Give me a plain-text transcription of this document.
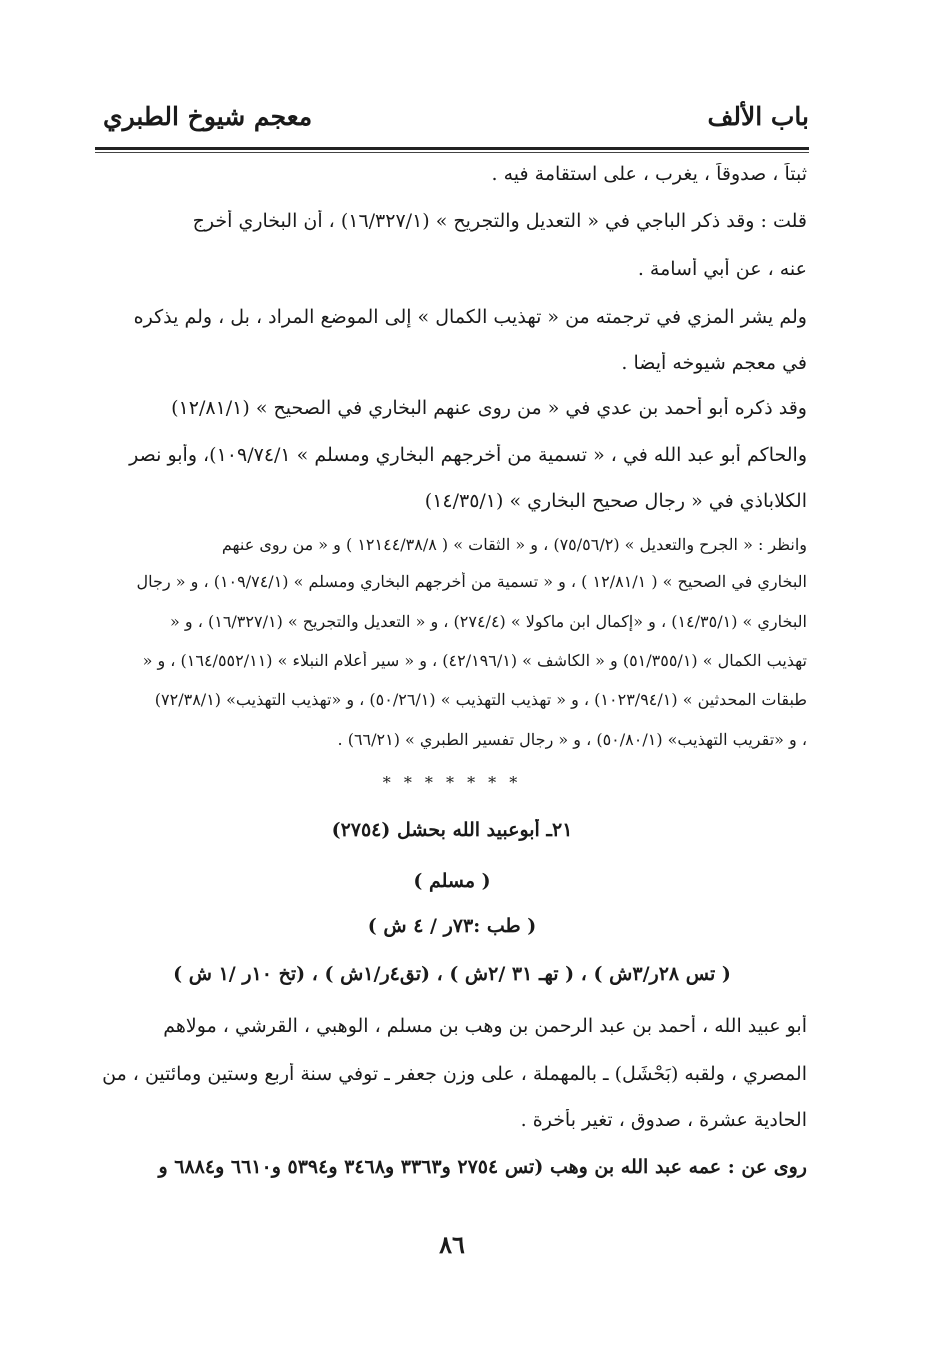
باب الألف
معجم شيوخ الطبري
ثبتاً ، صدوقاً ، يغرب ، على استقامة فيه .
قلت : وقد ذكر الباجي في « التعديل والتجريح » (١٦/٣٢٧/١) ، أن البخاري أخرج
عنه ، عن أبي أسامة .
ولم يشر المزي في ترجمته من « تهذيب الكمال » إلى الموضع المراد ، بل ، ولم يذكره
في معجم شيوخه أيضا .
وقد ذكره أبو أحمد بن عدي في « من روى عنهم البخاري في الصحيح » (١٢/٨١/١)
والحاكم أبو عبد الله في ، « تسمية من أخرجهم البخاري ومسلم » ١٠٩/٧٤/١)، وأبو نصر
الكلاباذي في « رجال صحيح البخاري » (١٤/٣٥/١)
وانظر : « الجرح والتعديل » (٧٥/٥٦/٢) ، و « الثقات » ( ١٢١٤٤/٣٨/٨ ) و « من روى عنهم
البخاري في الصحيح » ( ١٢/٨١/١ ) ، و « تسمية من أخرجهم البخاري ومسلم » (١٠٩/٧٤/١) ، و « رجال
البخاري » (١٤/٣٥/١) ، و «إكمال ابن ماكولا » (٢٧٤/٤) ، و « التعديل والتجريح » (١٦/٣٢٧/١) ، و «
تهذيب الكمال » (٥١/٣٥٥/١) و « الكاشف » (٤٢/١٩٦/١) ، و « سير أعلام النبلاء » (١٦٤/٥٥٢/١١) ، و «
طبقات المحدثين » (١٠٢٣/٩٤/١) ، و « تهذيب التهذيب » (٥٠/٢٦/١) ، و «تهذيب التهذيب» (٧٢/٣٨/١)
، و «تقريب التهذيب» (٥٠/٨٠/١) ، و « رجال تفسير الطبري » (٦٦/٢١) .
* * * * * * *
٢١ـ أبوعبيد الله بحشل (٢٧٥٤)
( مسلم )
( طب :٧٣ر / ٤ ش )
( تس ٢٨ر/٣ش ) ، ( تهـ ٣١ /٢ش ) ، (تق٤ر/١ش ) ، (تخ ١٠ر /١ ش )
أبو عبيد الله ، أحمد بن عبد الرحمن بن وهب بن مسلم ، الوهبي ، القرشي ، مولاهم
المصري ، ولقبه (بَحْشَل) ـ بالمهملة ، على وزن جعفر ـ توفي سنة أربع وستين ومائتين ، من
الحادية عشرة ، صدوق ، تغير بأخرة .
روى عن : عمه عبد الله بن وهب (تس ٢٧٥٤ و٣٣٦٣ و٣٤٦٨ و٥٣٩٤ و٦٦١٠ و٦٨٨٤ و
٨٦
